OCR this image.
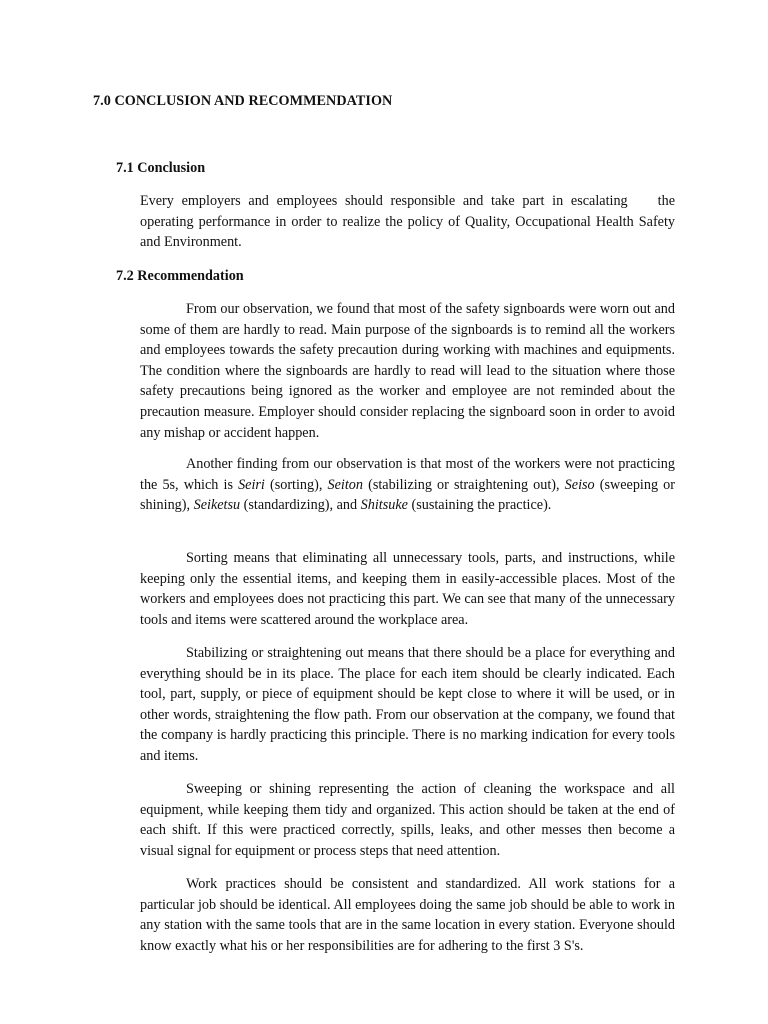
7.0 CONCLUSION AND RECOMMENDATION
7.1 Conclusion

Every employers and employees should responsible and take part in escalating the operating performance in order to realize the policy of Quality, Occupational Health Safety and Environment.

7.2 Recommendation

From our observation, we found that most of the safety signboards were worn out and some of them are hardly to read. Main purpose of the signboards is to remind all the workers and employees towards the safety precaution during working with machines and equipments. The condition where the signboards are hardly to read will lead to the situation where those safety precautions being ignored as the worker and employee are not reminded about the precaution measure. Employer should consider replacing the signboard soon in order to avoid any mishap or accident happen.

Another finding from our observation is that most of the workers were not practicing the 5s, which is Seiri (sorting), Seiton (stabilizing or straightening out), Seiso (sweeping or shining), Seiketsu (standardizing), and Shitsuke (sustaining the practice).

Sorting means that eliminating all unnecessary tools, parts, and instructions, while keeping only the essential items, and keeping them in easily-accessible places. Most of the workers and employees does not practicing this part. We can see that many of the unnecessary tools and items were scattered around the workplace area.

Stabilizing or straightening out means that there should be a place for everything and everything should be in its place. The place for each item should be clearly indicated. Each tool, part, supply, or piece of equipment should be kept close to where it will be used, or in other words, straightening the flow path. From our observation at the company, we found that the company is hardly practicing this principle. There is no marking indication for every tools and items.

Sweeping or shining representing the action of cleaning the workspace and all equipment, while keeping them tidy and organized. This action should be taken at the end of each shift. If this were practiced correctly, spills, leaks, and other messes then become a visual signal for equipment or process steps that need attention.

Work practices should be consistent and standardized. All work stations for a particular job should be identical. All employees doing the same job should be able to work in any station with the same tools that are in the same location in every station. Everyone should know exactly what his or her responsibilities are for adhering to the first 3 S's.
